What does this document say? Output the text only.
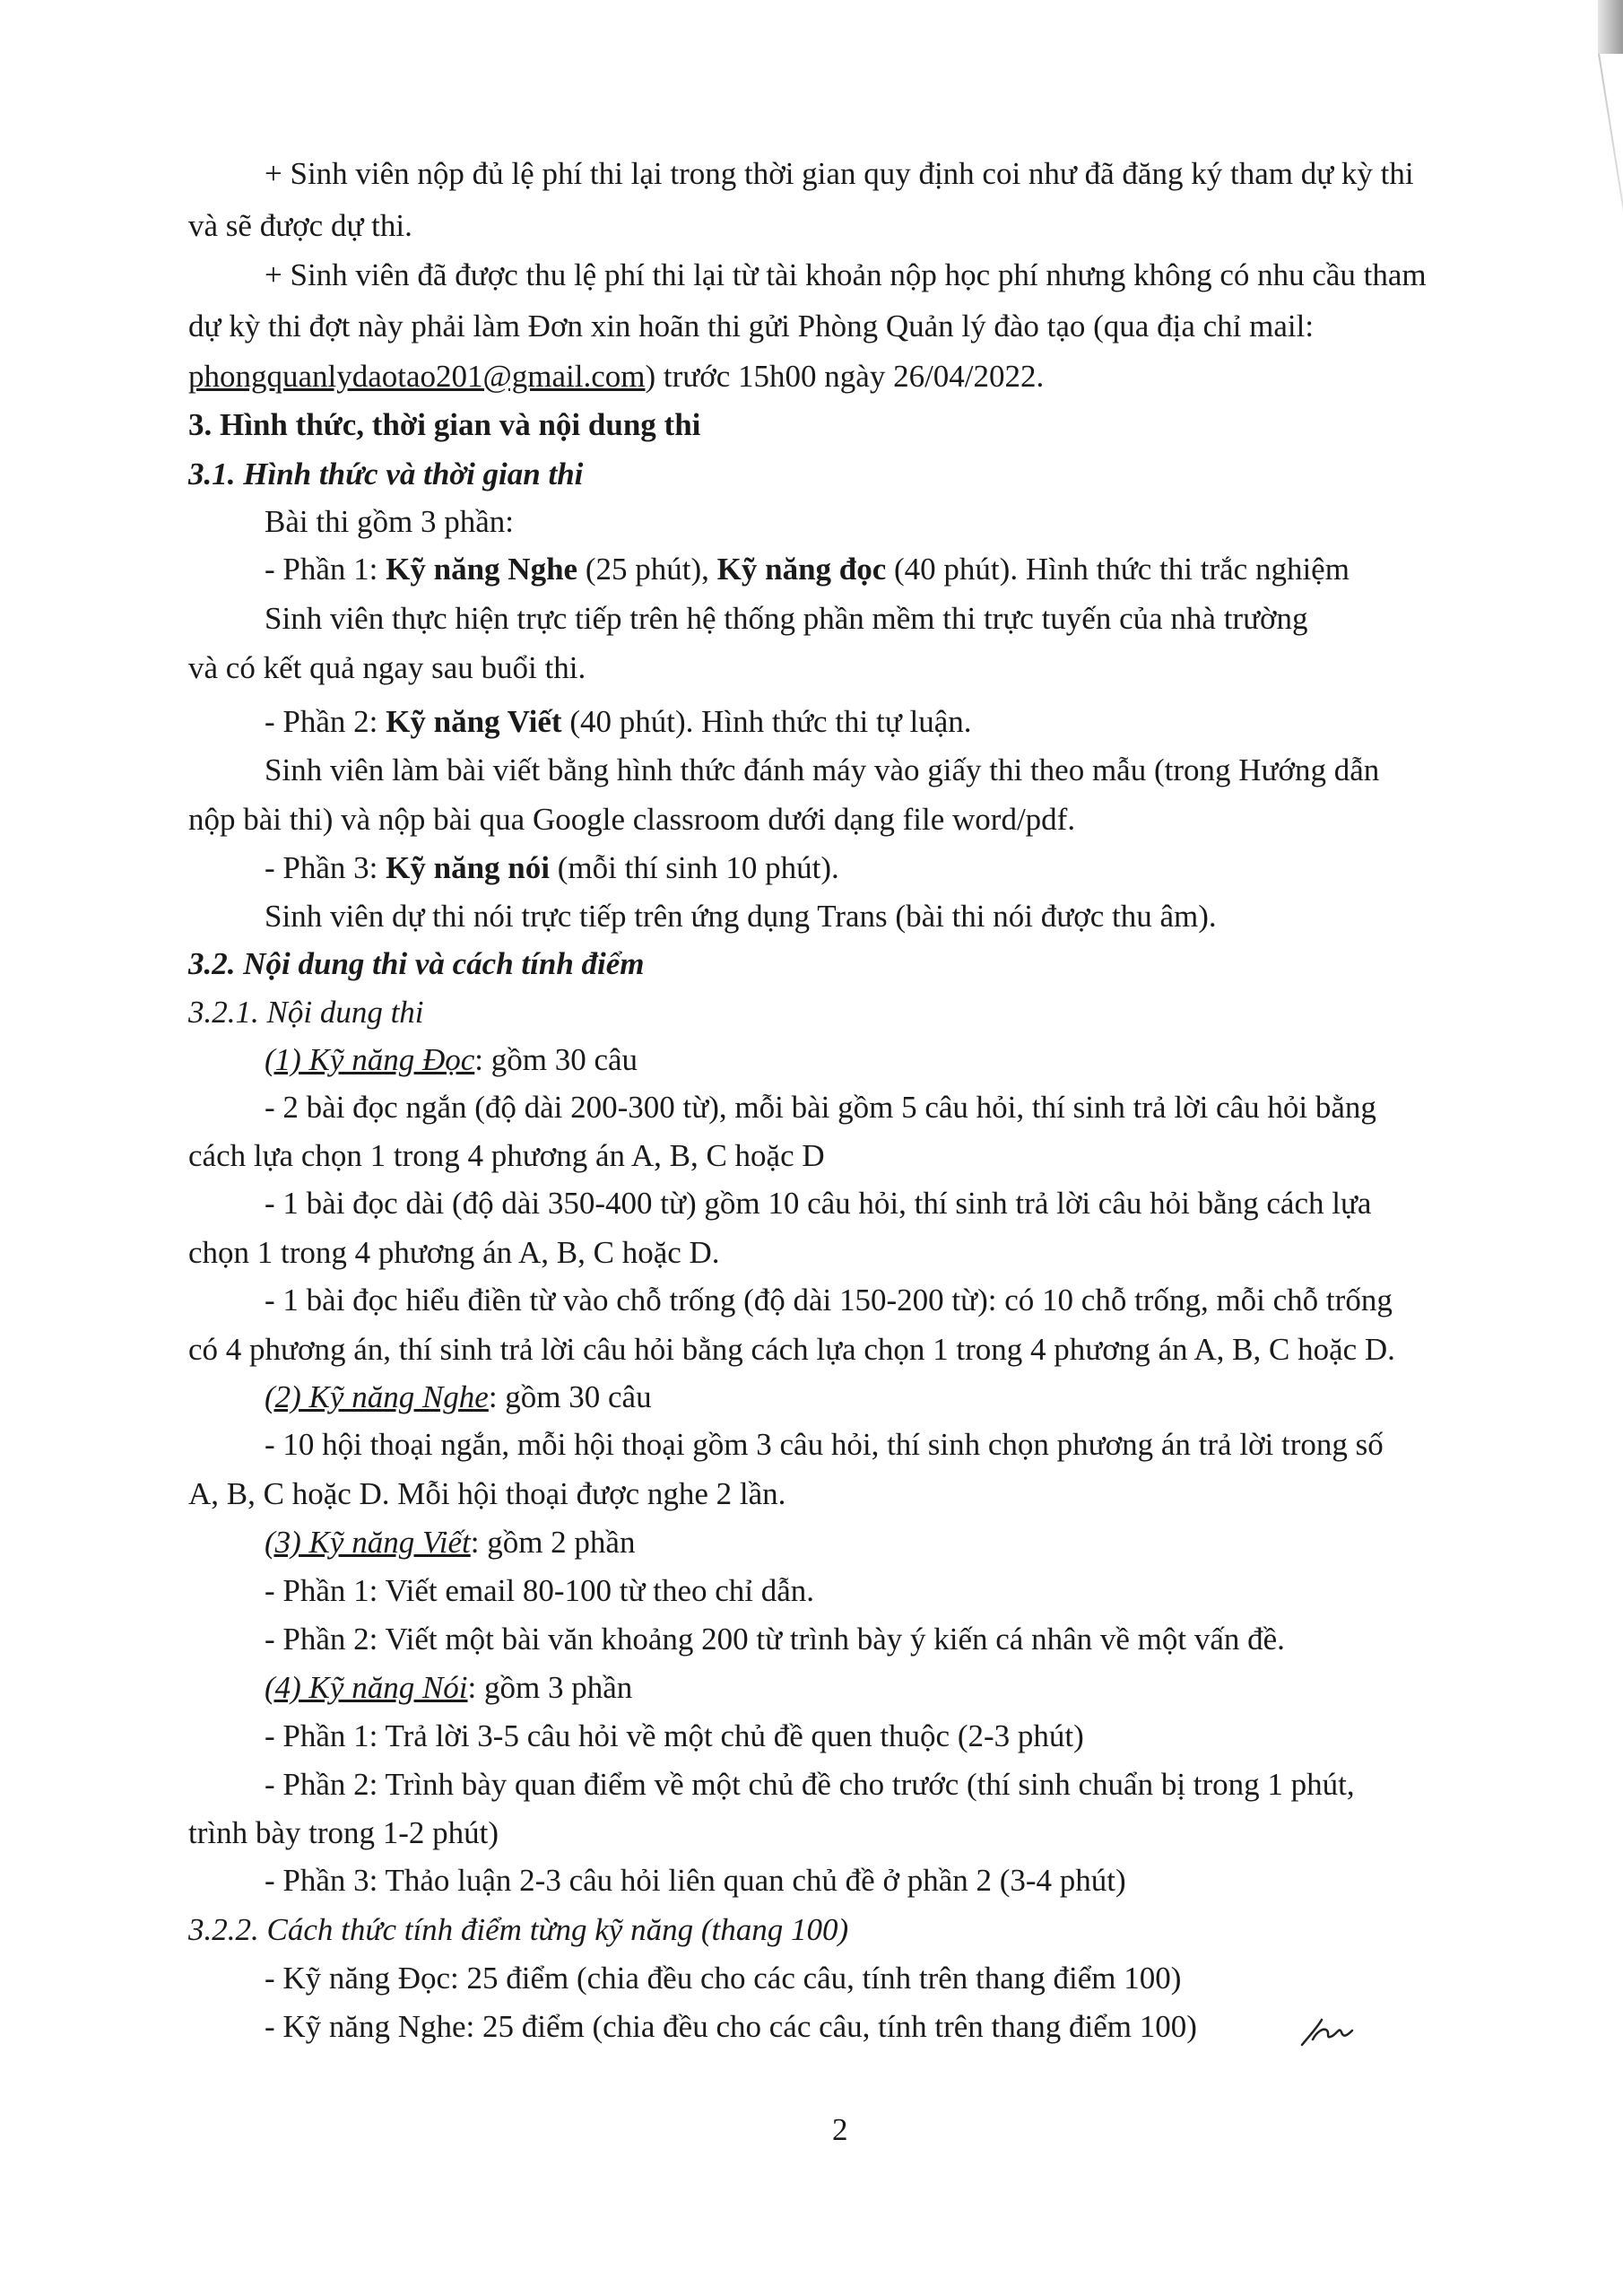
+ Sinh viên nộp đủ lệ phí thi lại trong thời gian quy định coi như đã đăng ký tham dự kỳ thi
và sẽ được dự thi.
+ Sinh viên đã được thu lệ phí thi lại từ tài khoản nộp học phí nhưng không có nhu cầu tham
dự kỳ thi đợt này phải làm Đơn xin hoãn thi gửi Phòng Quản lý đào tạo (qua địa chỉ mail:
phongquanlydaotao201@gmail.com) trước 15h00 ngày 26/04/2022.
3. Hình thức, thời gian và nội dung thi
3.1. Hình thức và thời gian thi
Bài thi gồm 3 phần:
- Phần 1: Kỹ năng Nghe (25 phút), Kỹ năng đọc (40 phút). Hình thức thi trắc nghiệm
Sinh viên thực hiện trực tiếp trên hệ thống phần mềm thi trực tuyến của nhà trường
và có kết quả ngay sau buổi thi.
- Phần 2: Kỹ năng Viết (40 phút). Hình thức thi tự luận.
Sinh viên làm bài viết bằng hình thức đánh máy vào giấy thi theo mẫu (trong Hướng dẫn
nộp bài thi) và nộp bài qua Google classroom dưới dạng file word/pdf.
- Phần 3: Kỹ năng nói (mỗi thí sinh 10 phút).
Sinh viên dự thi nói trực tiếp trên ứng dụng Trans (bài thi nói được thu âm).
3.2. Nội dung thi và cách tính điểm
3.2.1. Nội dung thi
(1) Kỹ năng Đọc: gồm 30 câu
- 2 bài đọc ngắn (độ dài 200-300 từ), mỗi bài gồm 5 câu hỏi, thí sinh trả lời câu hỏi bằng
cách lựa chọn 1 trong 4 phương án A, B, C hoặc D
- 1 bài đọc dài (độ dài 350-400 từ) gồm 10 câu hỏi, thí sinh trả lời câu hỏi bằng cách lựa
chọn 1 trong 4 phương án A, B, C hoặc D.
- 1 bài đọc hiểu điền từ vào chỗ trống (độ dài 150-200 từ): có 10 chỗ trống, mỗi chỗ trống
có 4 phương án, thí sinh trả lời câu hỏi bằng cách lựa chọn 1 trong 4 phương án A, B, C hoặc D.
(2) Kỹ năng Nghe: gồm 30 câu
- 10 hội thoại ngắn, mỗi hội thoại gồm 3 câu hỏi, thí sinh chọn phương án trả lời trong số
A, B, C hoặc D. Mỗi hội thoại được nghe 2 lần.
(3) Kỹ năng Viết: gồm 2 phần
- Phần 1: Viết email 80-100 từ theo chỉ dẫn.
- Phần 2: Viết một bài văn khoảng 200 từ trình bày ý kiến cá nhân về một vấn đề.
(4) Kỹ năng Nói: gồm 3 phần
- Phần 1: Trả lời 3-5 câu hỏi về một chủ đề quen thuộc (2-3 phút)
- Phần 2: Trình bày quan điểm về một chủ đề cho trước (thí sinh chuẩn bị trong 1 phút,
trình bày trong 1-2 phút)
- Phần 3: Thảo luận 2-3 câu hỏi liên quan chủ đề ở phần 2 (3-4 phút)
3.2.2. Cách thức tính điểm từng kỹ năng (thang 100)
- Kỹ năng Đọc: 25 điểm (chia đều cho các câu, tính trên thang điểm 100)
- Kỹ năng Nghe: 25 điểm (chia đều cho các câu, tính trên thang điểm 100)
2
